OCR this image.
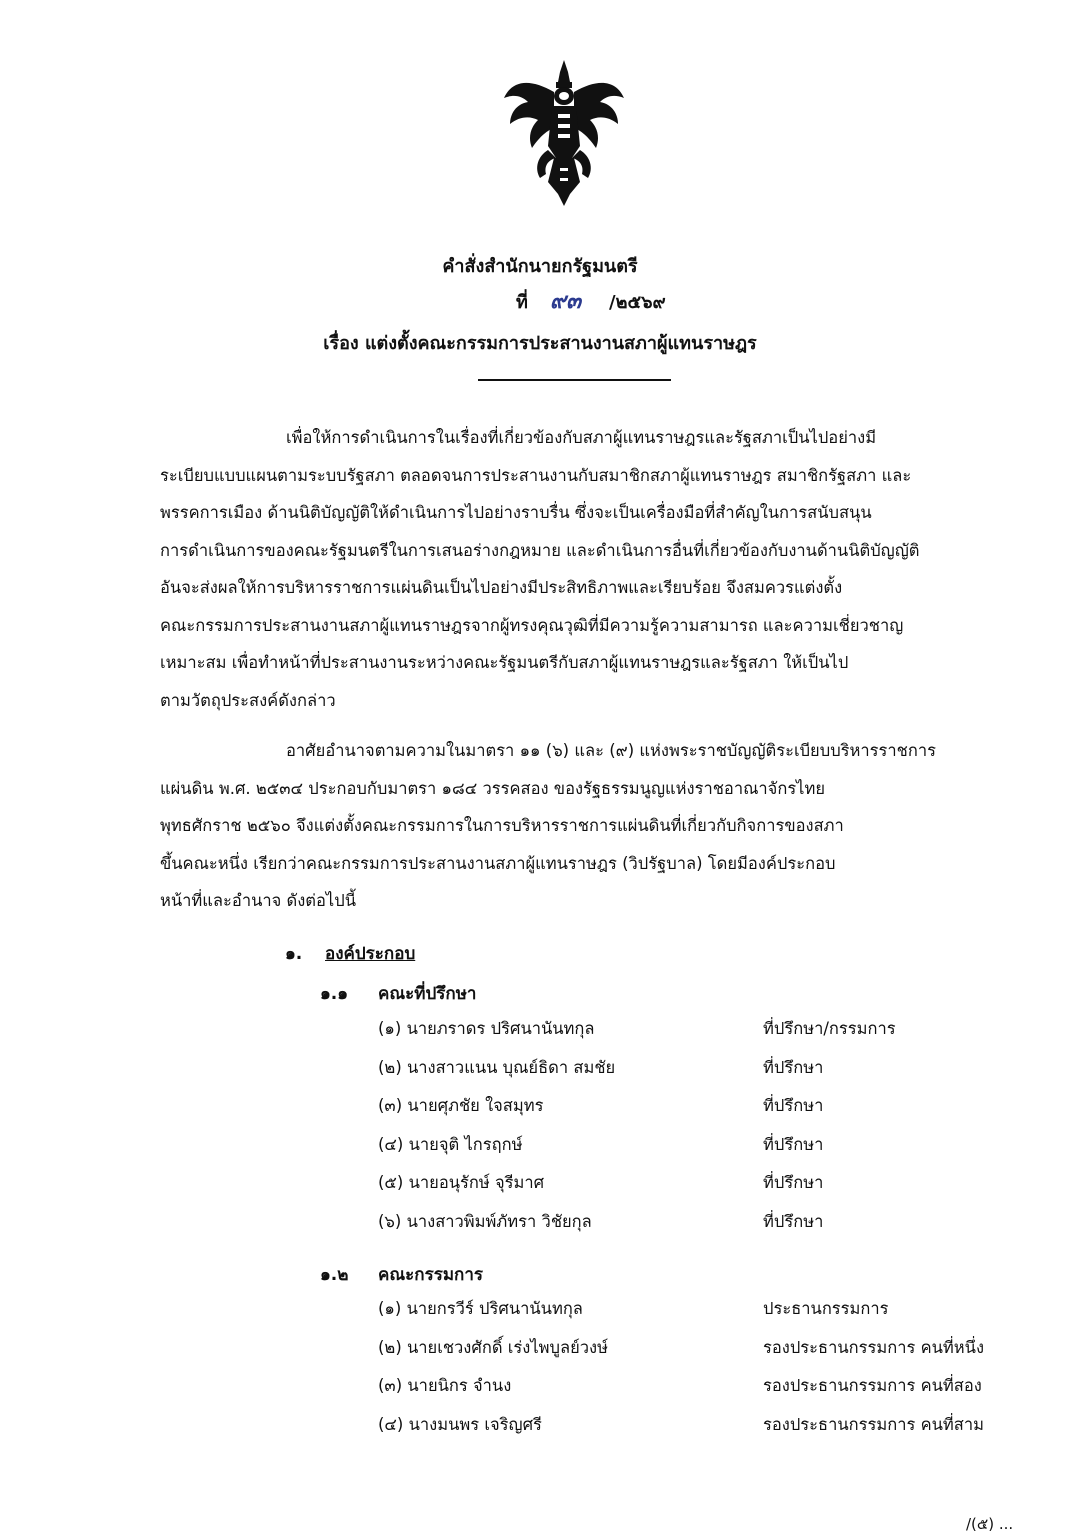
คำสั่งสำนักนายกรัฐมนตรี
ที่ ๙๓ /๒๕๖๙
เรื่อง แต่งตั้งคณะกรรมการประสานงานสภาผู้แทนราษฎร
เพื่อให้การดำเนินการในเรื่องที่เกี่ยวข้องกับสภาผู้แทนราษฎรและรัฐสภาเป็นไปอย่างมี
ระเบียบแบบแผนตามระบบรัฐสภา ตลอดจนการประสานงานกับสมาชิกสภาผู้แทนราษฎร สมาชิกรัฐสภา และ
พรรคการเมือง ด้านนิติบัญญัติให้ดำเนินการไปอย่างราบรื่น ซึ่งจะเป็นเครื่องมือที่สำคัญในการสนับสนุน
การดำเนินการของคณะรัฐมนตรีในการเสนอร่างกฎหมาย และดำเนินการอื่นที่เกี่ยวข้องกับงานด้านนิติบัญญัติ
อันจะส่งผลให้การบริหารราชการแผ่นดินเป็นไปอย่างมีประสิทธิภาพและเรียบร้อย จึงสมควรแต่งตั้ง
คณะกรรมการประสานงานสภาผู้แทนราษฎรจากผู้ทรงคุณวุฒิที่มีความรู้ความสามารถ และความเชี่ยวชาญ
เหมาะสม เพื่อทำหน้าที่ประสานงานระหว่างคณะรัฐมนตรีกับสภาผู้แทนราษฎรและรัฐสภา ให้เป็นไป
ตามวัตถุประสงค์ดังกล่าว
อาศัยอำนาจตามความในมาตรา ๑๑ (๖) และ (๙) แห่งพระราชบัญญัติระเบียบบริหารราชการ
แผ่นดิน พ.ศ. ๒๕๓๔ ประกอบกับมาตรา ๑๘๔ วรรคสอง ของรัฐธรรมนูญแห่งราชอาณาจักรไทย
พุทธศักราช ๒๕๖๐ จึงแต่งตั้งคณะกรรมการในการบริหารราชการแผ่นดินที่เกี่ยวกับกิจการของสภา
ขึ้นคณะหนึ่ง เรียกว่าคณะกรรมการประสานงานสภาผู้แทนราษฎร (วิปรัฐบาล) โดยมีองค์ประกอบ
หน้าที่และอำนาจ ดังต่อไปนี้
๑. องค์ประกอบ
๑.๑ คณะที่ปรึกษา
(๑) นายภราดร ปริศนานันทกุล	ที่ปรึกษา/กรรมการ
(๒) นางสาวแนน บุณย์ธิดา สมชัย	ที่ปรึกษา
(๓) นายศุภชัย ใจสมุทร	ที่ปรึกษา
(๔) นายจุติ ไกรฤกษ์	ที่ปรึกษา
(๕) นายอนุรักษ์ จุรีมาศ	ที่ปรึกษา
(๖) นางสาวพิมพ์ภัทรา วิชัยกุล	ที่ปรึกษา
๑.๒ คณะกรรมการ
(๑) นายกรวีร์ ปริศนานันทกุล	ประธานกรรมการ
(๒) นายเชวงศักดิ์ เร่งไพบูลย์วงษ์	รองประธานกรรมการ คนที่หนึ่ง
(๓) นายนิกร จำนง	รองประธานกรรมการ คนที่สอง
(๔) นางมนพร เจริญศรี	รองประธานกรรมการ คนที่สาม
/(๕) ...
